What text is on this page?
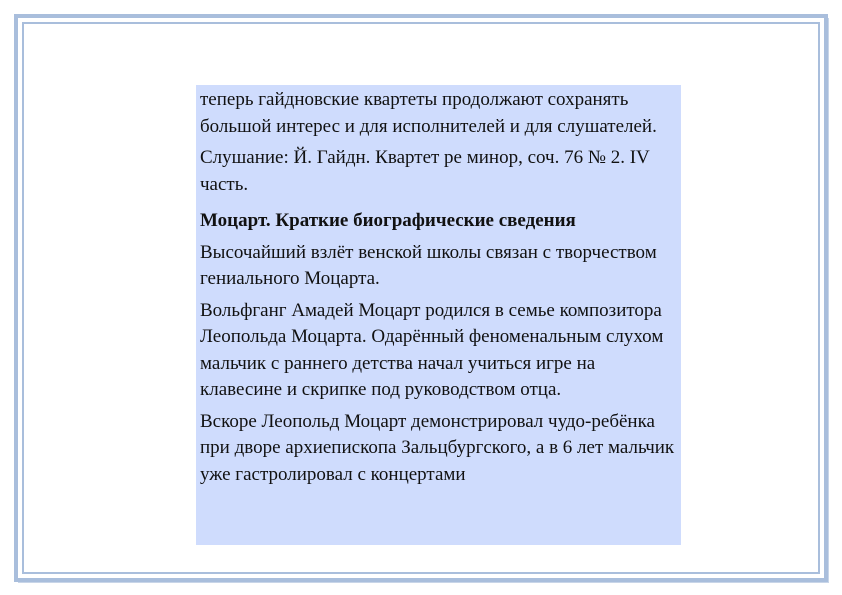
теперь гайдновские квартеты продолжают сохранять большой интерес и для исполнителей и для слушателей.

Слушание: Й. Гайдн. Квартет ре минор, соч. 76 № 2. IV часть.

Моцарт. Краткие биографические сведения

Высочайший взлёт венской школы связан с творчеством гениального Моцарта.

Вольфганг Амадей Моцарт родился в семье композитора Леопольда Моцарта. Одарённый феноменальным слухом мальчик с раннего детства начал учиться игре на клавесине и скрипке под руководством отца.

Вскоре Леопольд Моцарт демонстрировал чудо-ребёнка при дворе архиепископа Зальцбургского, а в 6 лет мальчик уже гастролировал с концертами
